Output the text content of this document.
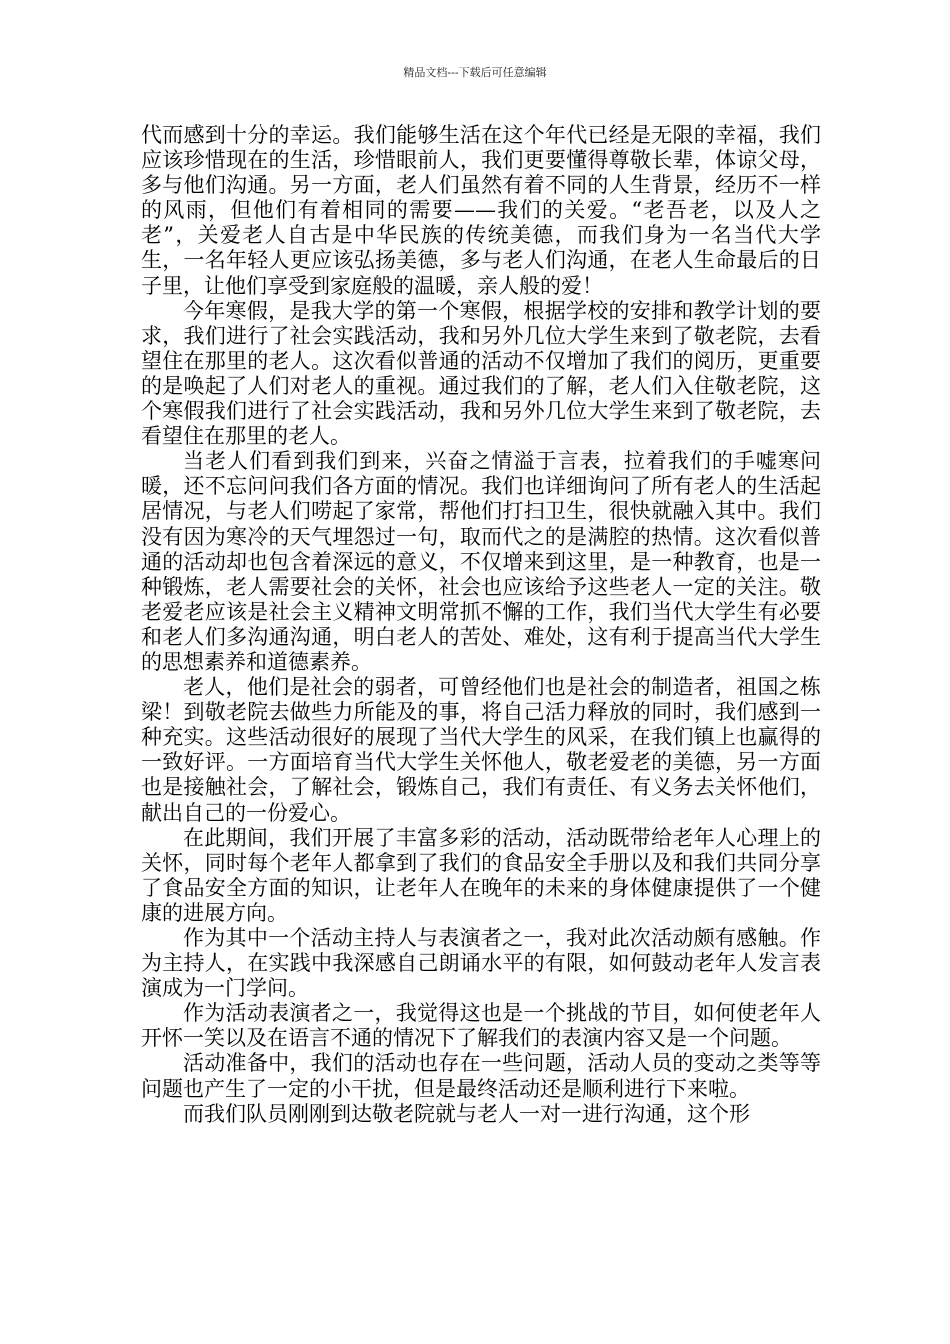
精品文档---下载后可任意编辑

代而感到十分的幸运。我们能够生活在这个年代已经是无限的幸福，我们应该珍惜现在的生活，珍惜眼前人，我们更要懂得尊敬长辈，体谅父母，多与他们沟通。另一方面，老人们虽然有着不同的人生背景，经历不一样的风雨，但他们有着相同的需要——我们的关爱。“老吾老，以及人之老”，关爱老人自古是中华民族的传统美德，而我们身为一名当代大学生，一名年轻人更应该弘扬美德，多与老人们沟通，在老人生命最后的日子里，让他们享受到家庭般的温暖，亲人般的爱！

今年寒假，是我大学的第一个寒假，根据学校的安排和教学计划的要求，我们进行了社会实践活动，我和另外几位大学生来到了敬老院，去看望住在那里的老人。这次看似普通的活动不仅增加了我们的阅历，更重要的是唤起了人们对老人的重视。通过我们的了解，老人们入住敬老院，这个寒假我们进行了社会实践活动，我和另外几位大学生来到了敬老院，去看望住在那里的老人。

当老人们看到我们到来，兴奋之情溢于言表，拉着我们的手嘘寒问暖，还不忘问问我们各方面的情况。我们也详细询问了所有老人的生活起居情况，与老人们唠起了家常，帮他们打扫卫生，很快就融入其中。我们没有因为寒冷的天气埋怨过一句，取而代之的是满腔的热情。这次看似普通的活动却也包含着深远的意义，不仅增来到这里，是一种教育，也是一种锻炼，老人需要社会的关怀，社会也应该给予这些老人一定的关注。敬老爱老应该是社会主义精神文明常抓不懈的工作，我们当代大学生有必要和老人们多沟通沟通，明白老人的苦处、难处，这有利于提高当代大学生的思想素养和道德素养。

老人，他们是社会的弱者，可曾经他们也是社会的制造者，祖国之栋梁！到敬老院去做些力所能及的事，将自己活力释放的同时，我们感到一种充实。这些活动很好的展现了当代大学生的风采，在我们镇上也赢得的一致好评。一方面培育当代大学生关怀他人，敬老爱老的美德，另一方面也是接触社会，了解社会，锻炼自己，我们有责任、有义务去关怀他们，献出自己的一份爱心。

在此期间，我们开展了丰富多彩的活动，活动既带给老年人心理上的关怀，同时每个老年人都拿到了我们的食品安全手册以及和我们共同分享了食品安全方面的知识，让老年人在晚年的未来的身体健康提供了一个健康的进展方向。

作为其中一个活动主持人与表演者之一，我对此次活动颇有感触。作为主持人，在实践中我深感自己朗诵水平的有限，如何鼓动老年人发言表演成为一门学问。

作为活动表演者之一，我觉得这也是一个挑战的节目，如何使老年人开怀一笑以及在语言不通的情况下了解我们的表演内容又是一个问题。

活动准备中，我们的活动也存在一些问题，活动人员的变动之类等等问题也产生了一定的小干扰，但是最终活动还是顺利进行下来啦。

而我们队员刚刚到达敬老院就与老人一对一进行沟通，这个形
